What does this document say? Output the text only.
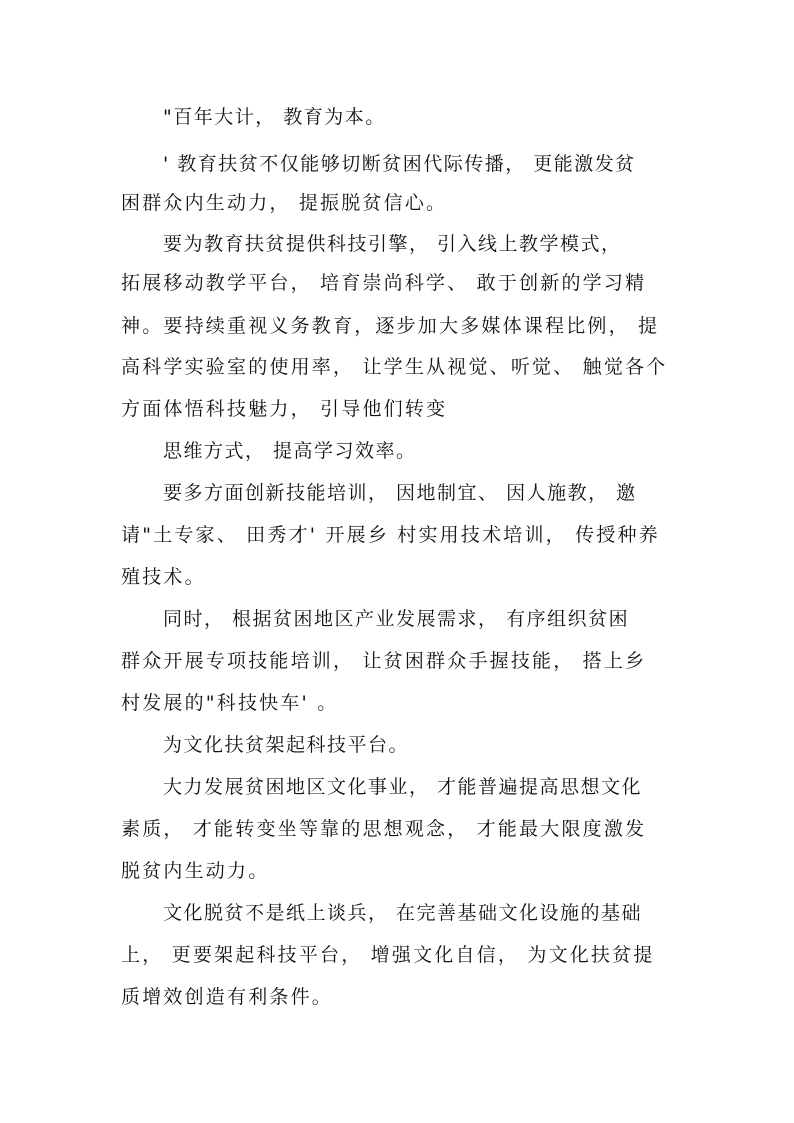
"百年大计， 教育为本。

' 教育扶贫不仅能够切断贫困代际传播， 更能激发贫

困群众内生动力， 提振脱贫信心。

要为教育扶贫提供科技引擎， 引入线上教学模式，

拓展移动教学平台， 培育崇尚科学、 敢于创新的学习精

神。要持续重视义务教育，逐步加大多媒体课程比例， 提

高科学实验室的使用率， 让学生从视觉、听觉、 触觉各个

方面体悟科技魅力， 引导他们转变

思维方式， 提高学习效率。

要多方面创新技能培训， 因地制宜、 因人施教， 邀

请"土专家、 田秀才' 开展乡 村实用技术培训， 传授种养

殖技术。

同时， 根据贫困地区产业发展需求， 有序组织贫困

群众开展专项技能培训， 让贫困群众手握技能， 搭上乡

村发展的"科技快车' 。

为文化扶贫架起科技平台。

大力发展贫困地区文化事业， 才能普遍提高思想文化

素质， 才能转变坐等靠的思想观念， 才能最大限度激发

脱贫内生动力。

文化脱贫不是纸上谈兵， 在完善基础文化设施的基础

上， 更要架起科技平台， 增强文化自信， 为文化扶贫提

质增效创造有利条件。
